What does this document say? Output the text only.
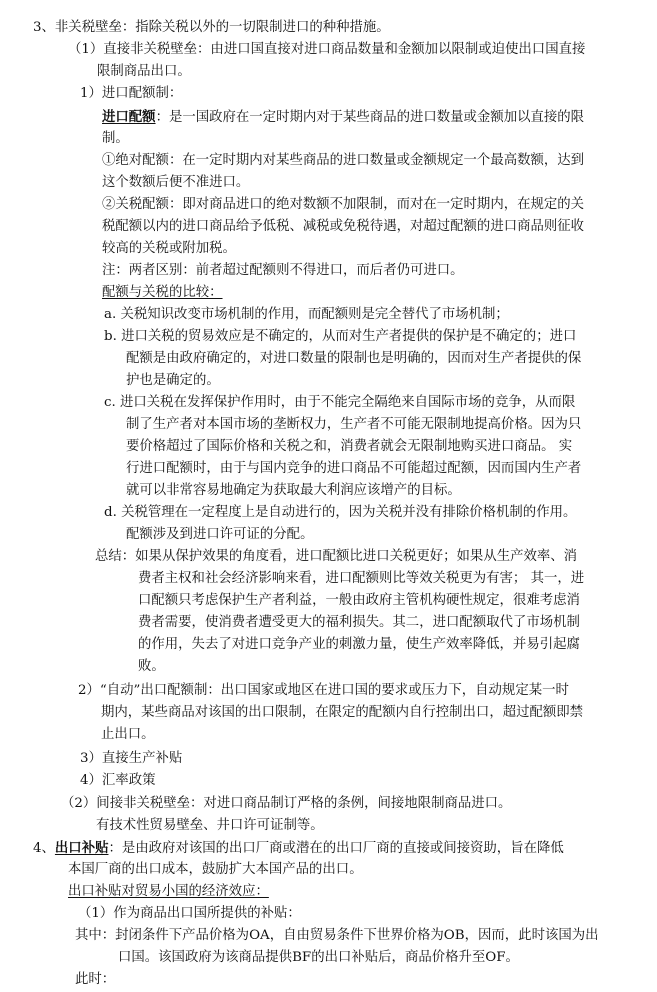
3、非关税壁垒：指除关税以外的一切限制进口的种种措施。
（1）直接非关税壁垒：由进口国直接对进口商品数量和金额加以限制或迫使出口国直接
限制商品出口。
1）进口配额制：
进口配额：是一国政府在一定时期内对于某些商品的进口数量或金额加以直接的限
制。
①绝对配额：在一定时期内对某些商品的进口数量或金额规定一个最高数额，达到
这个数额后便不准进口。
②关税配额：即对商品进口的绝对数额不加限制，而对在一定时期内，在规定的关
税配额以内的进口商品给予低税、减税或免税待遇，对超过配额的进口商品则征收
较高的关税或附加税。
注：两者区别：前者超过配额则不得进口，而后者仍可进口。
配额与关税的比较：
a. 关税知识改变市场机制的作用，而配额则是完全替代了市场机制；
b. 进口关税的贸易效应是不确定的，从而对生产者提供的保护是不确定的；进口
配额是由政府确定的，对进口数量的限制也是明确的，因而对生产者提供的保
护也是确定的。
c. 进口关税在发挥保护作用时，由于不能完全隔绝来自国际市场的竞争，从而限
制了生产者对本国市场的垄断权力，生产者不可能无限制地提高价格。因为只
要价格超过了国际价格和关税之和，消费者就会无限制地购买进口商品。 实
行进口配额时，由于与国内竞争的进口商品不可能超过配额，因而国内生产者
就可以非常容易地确定为获取最大利润应该增产的目标。
d. 关税管理在一定程度上是自动进行的，因为关税并没有排除价格机制的作用。
配额涉及到进口许可证的分配。
总结：如果从保护效果的角度看，进口配额比进口关税更好；如果从生产效率、消
费者主权和社会经济影响来看，进口配额则比等效关税更为有害； 其一，进
口配额只考虑保护生产者利益，一般由政府主管机构硬性规定，很难考虑消
费者需要，使消费者遭受更大的福利损失。其二，进口配额取代了市场机制
的作用，失去了对进口竞争产业的刺激力量，使生产效率降低，并易引起腐
败。
2）“自动”出口配额制：出口国家或地区在进口国的要求或压力下，自动规定某一时
期内，某些商品对该国的出口限制，在限定的配额内自行控制出口，超过配额即禁
止出口。
3）直接生产补贴
4）汇率政策
（2）间接非关税壁垒：对进口商品制订严格的条例，间接地限制商品进口。
有技术性贸易壁垒、井口许可证制等。
4、出口补贴：是由政府对该国的出口厂商或潜在的出口厂商的直接或间接资助，旨在降低
本国厂商的出口成本，鼓励扩大本国产品的出口。
出口补贴对贸易小国的经济效应：
（1）作为商品出口国所提供的补贴：
其中：封闭条件下产品价格为OA，自由贸易条件下世界价格为OB，因而，此时该国为出
口国。该国政府为该商品提供BF的出口补贴后，商品价格升至OF。
此时：
